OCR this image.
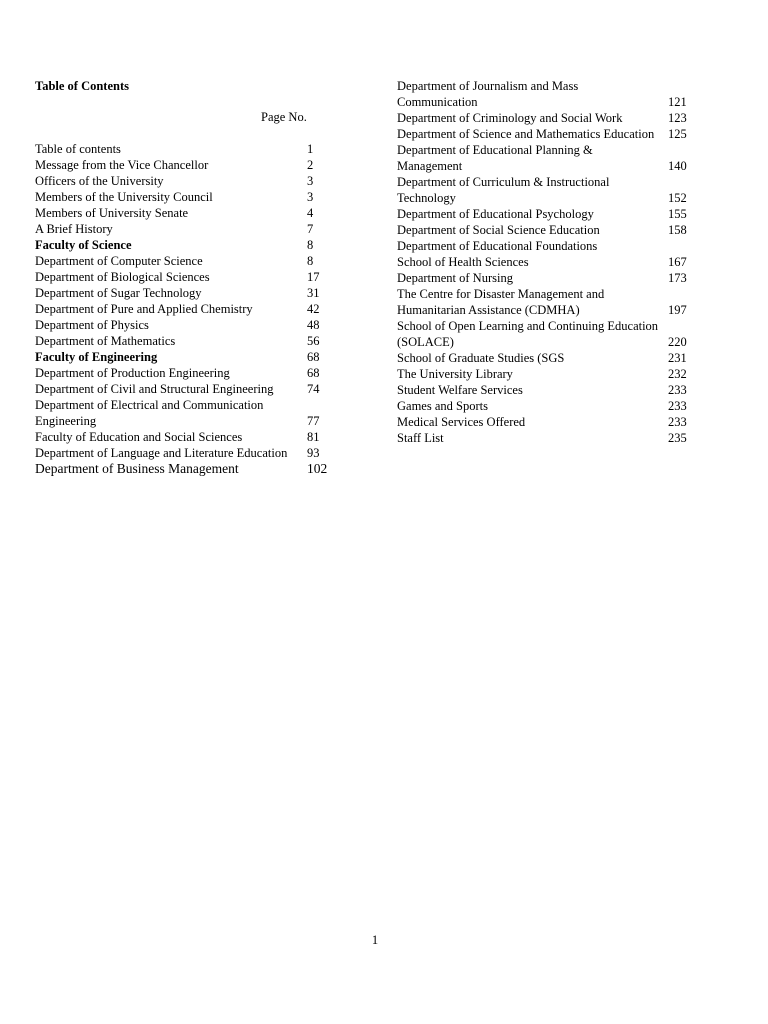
Table of Contents
Page No.
Table of contents	1
Message from the Vice Chancellor	2
Officers of the University	3
Members of the University Council	3
Members of University Senate	4
A Brief History	7
Faculty of Science	8
Department of Computer Science	8
Department of Biological Sciences	17
Department of Sugar Technology	31
Department of Pure and Applied Chemistry	42
Department of Physics	48
Department of Mathematics	56
Faculty of Engineering	68
Department of Production Engineering	68
Department of Civil and Structural Engineering	74
Department of Electrical and Communication Engineering	77
Faculty of Education and Social Sciences	81
Department of Language and Literature Education	93
Department of Business Management	102
Department of Journalism and Mass Communication	121
Department of Criminology and Social Work	123
Department of Science and Mathematics Education	125
Department of Educational Planning & Management	140
Department of Curriculum & Instructional Technology	152
Department of Educational Psychology	155
Department of Social Science Education	158
Department of Educational Foundations
School of Health Sciences	167
Department of Nursing	173
The Centre for Disaster Management and Humanitarian Assistance (CDMHA)	197
School of Open Learning and Continuing Education (SOLACE)	220
School of Graduate Studies (SGS	231
The University Library	232
Student Welfare Services	233
Games and Sports	233
Medical Services Offered	233
Staff List	235
1
